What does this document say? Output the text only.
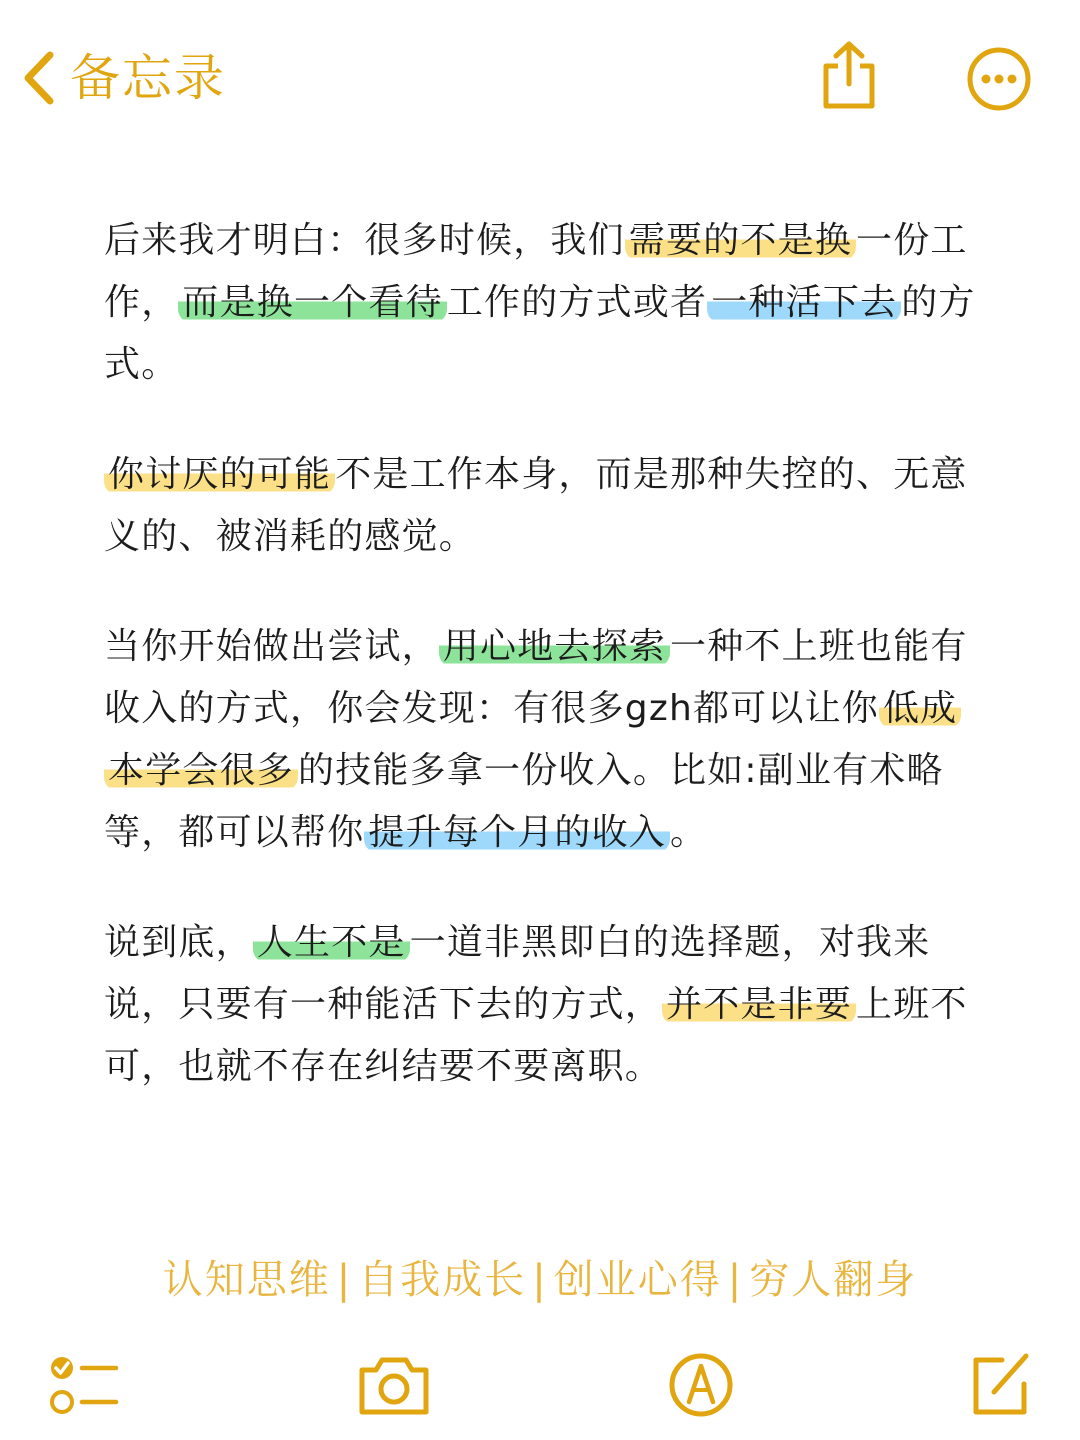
备忘录

后来我才明白：很多时候，我们 需要的不是换 一份工作， 而是换一个看待 工作的方式或者 一种活下去 的方式。

你讨厌的可能 不是工作本身，而是那种失控的、无意义的、被消耗的感觉。

当你开始做出尝试， 用心地去探索 一种不上班也能有收入的方式，你会发现：有很多gzh都可以让你 低成本学会很多 的技能多拿一份收入。比如:副业有术略等，都可以帮你 提升每个月的收入 。

说到底， 人生不是 一道非黑即白的选择题，对我来说，只要有一种能活下去的方式， 并不是非要 上班不可，也就不存在纠结要不要离职。

认知思维 | 自我成长 | 创业心得 | 穷人翻身
